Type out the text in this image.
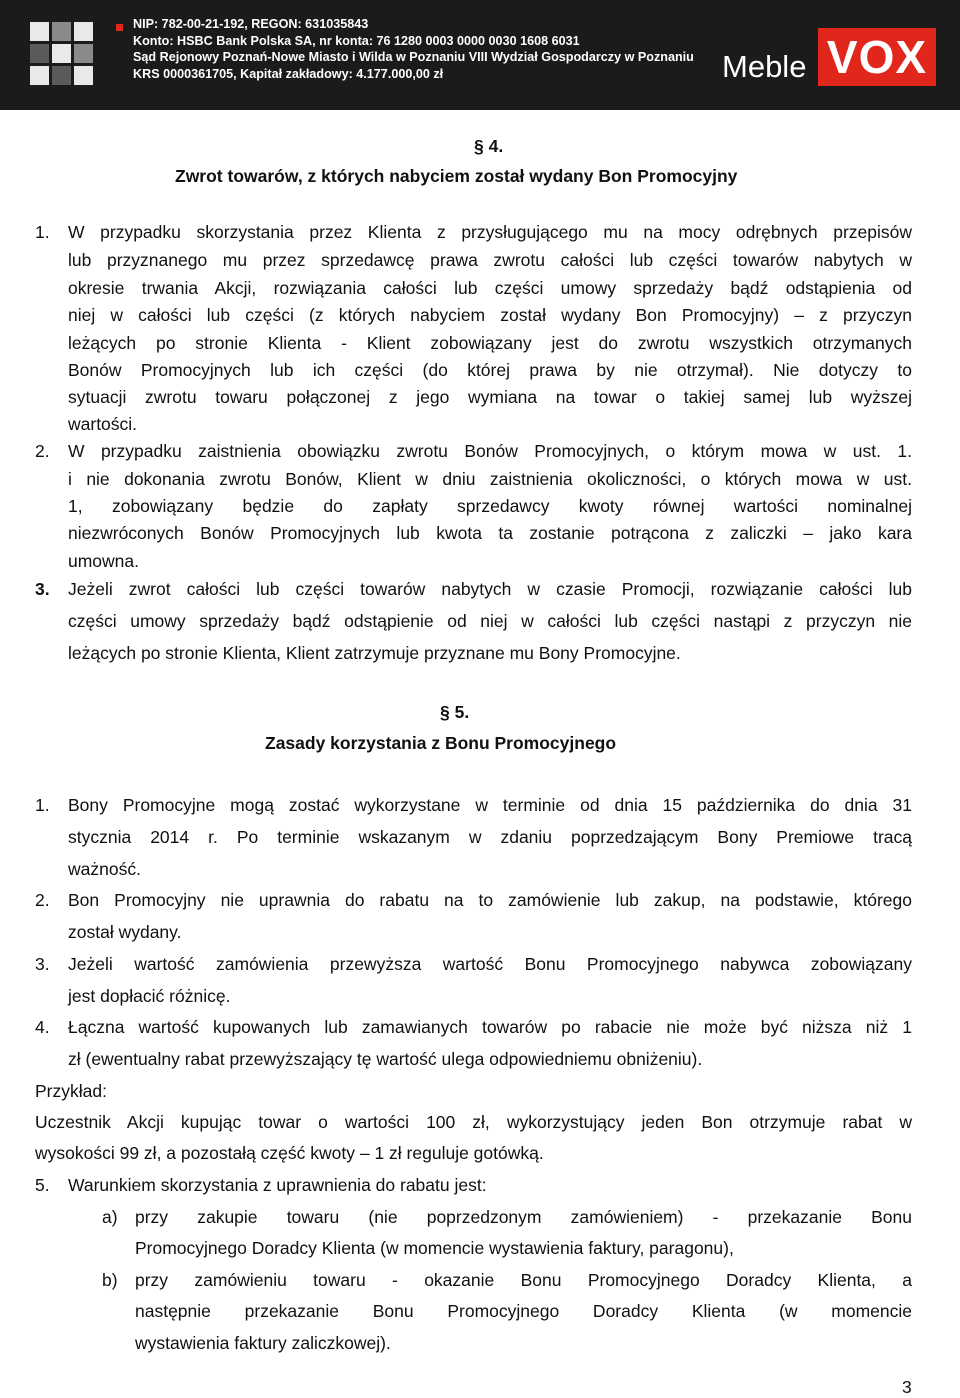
NIP: 782-00-21-192, REGON: 631035843
Konto: HSBC Bank Polska SA, nr konta: 76 1280 0003 0000 0030 1608 6031
Sąd Rejonowy Poznań-Nowe Miasto i Wilda w Poznaniu VIII Wydział Gospodarczy w Poznaniu
KRS 0000361705, Kapitał zakładowy: 4.177.000,00 zł	Meble VOX
§ 4.
Zwrot towarów, z których nabyciem został wydany Bon Promocyjny
1. W przypadku skorzystania przez Klienta z przysługującego mu na mocy odrębnych przepisów
lub przyznanego mu przez sprzedawcę prawa zwrotu całości lub części towarów nabytych w
okresie trwania Akcji, rozwiązania całości lub części umowy sprzedaży bądź odstąpienia od
niej w całości lub części (z których nabyciem został wydany Bon Promocyjny) – z przyczyn
leżących po stronie Klienta - Klient zobowiązany jest do zwrotu wszystkich otrzymanych
Bonów Promocyjnych lub ich części (do której prawa by nie otrzymał). Nie dotyczy to
sytuacji zwrotu towaru połączonej z jego wymiana na towar o takiej samej lub wyższej
wartości.
2. W przypadku zaistnienia obowiązku zwrotu Bonów Promocyjnych, o którym mowa w ust. 1.
i nie dokonania zwrotu Bonów, Klient w dniu zaistnienia okoliczności, o których mowa w ust.
1, zobowiązany będzie do zapłaty sprzedawcy kwoty równej wartości nominalnej
niezwróconych Bonów Promocyjnych lub kwota ta zostanie potrącona z zaliczki – jako kara
umowna.
3. Jeżeli zwrot całości lub części towarów nabytych w czasie Promocji, rozwiązanie całości lub
części umowy sprzedaży bądź odstąpienie od niej w całości lub części nastąpi z przyczyn nie
leżących po stronie Klienta, Klient zatrzymuje przyznane mu Bony Promocyjne.
§ 5.
Zasady korzystania z Bonu Promocyjnego
1. Bony Promocyjne mogą zostać wykorzystane w terminie od dnia 15 października do dnia 31
stycznia 2014 r. Po terminie wskazanym w zdaniu poprzedzającym Bony Premiowe tracą
ważność.
2. Bon Promocyjny nie uprawnia do rabatu na to zamówienie lub zakup, na podstawie, którego
został wydany.
3. Jeżeli wartość zamówienia przewyższa wartość Bonu Promocyjnego nabywca zobowiązany
jest dopłacić różnicę.
4. Łączna wartość kupowanych lub zamawianych towarów po rabacie nie może być niższa niż 1
zł (ewentualny rabat przewyższający tę wartość ulega odpowiedniemu obniżeniu).
Przykład:
Uczestnik Akcji kupując towar o wartości 100 zł, wykorzystujący jeden Bon otrzymuje rabat w
wysokości 99 zł, a pozostałą część kwoty – 1 zł reguluje gotówką.
5. Warunkiem skorzystania z uprawnienia do rabatu jest:
a) przy zakupie towaru (nie poprzedzonym zamówieniem) - przekazanie Bonu
Promocyjnego Doradcy Klienta (w momencie wystawienia faktury, paragonu),
b) przy zamówieniu towaru - okazanie Bonu Promocyjnego Doradcy Klienta, a
następnie przekazanie Bonu Promocyjnego Doradcy Klienta (w momencie
wystawienia faktury zaliczkowej).
3
